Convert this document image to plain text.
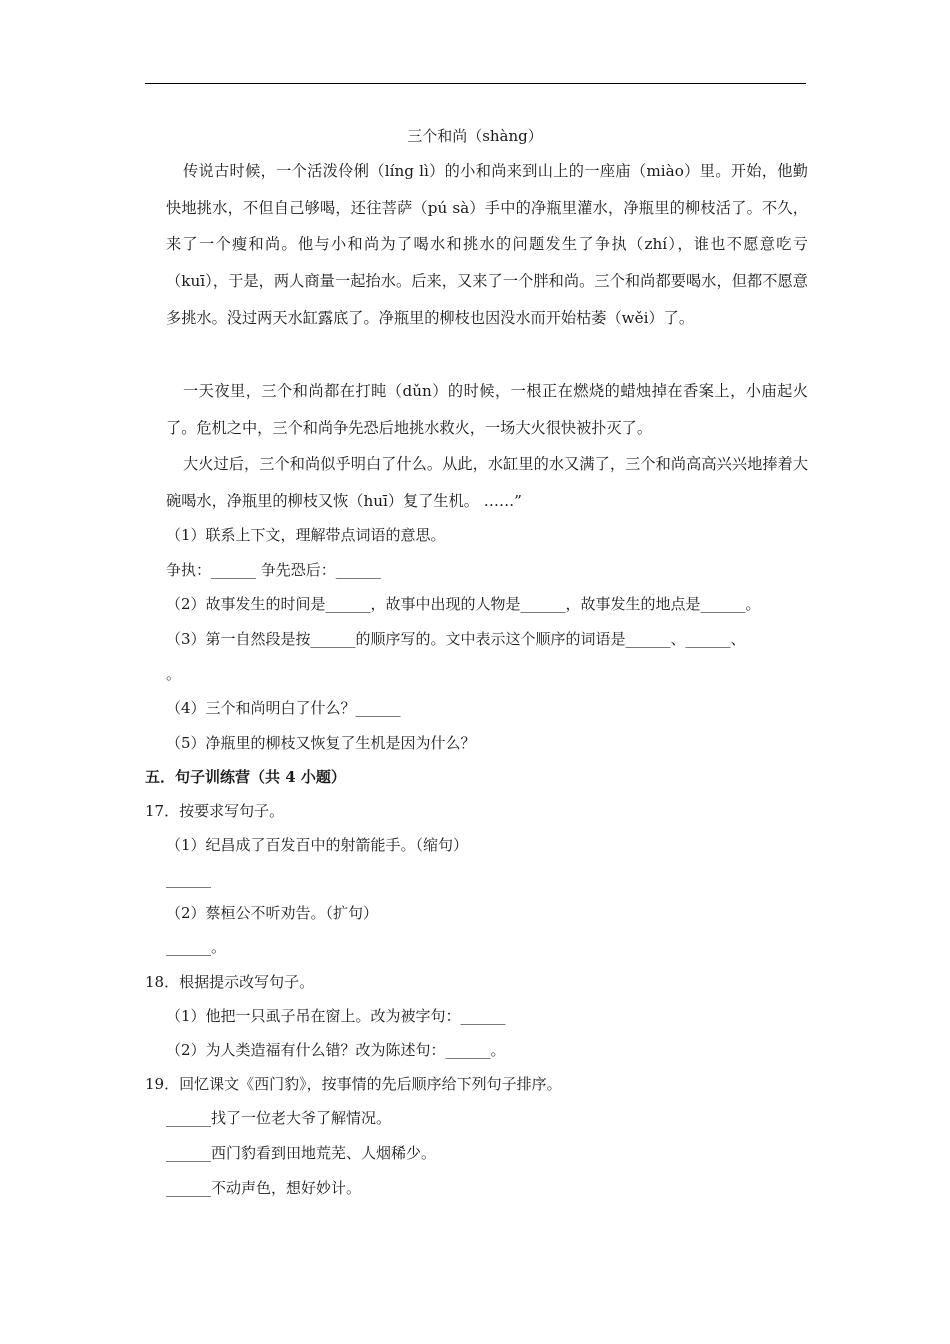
三个和尚（shàng）
传说古时候，一个活泼伶俐（líng lì）的小和尚来到山上的一座庙（miào）里。开始，他勤快地挑水，不但自己够喝，还往菩萨（pú sà）手中的净瓶里灌水，净瓶里的柳枝活了。不久，来了一个瘦和尚。他与小和尚为了喝水和挑水的问题发生了争执（zhí），谁也不愿意吃亏（kuī），于是，两人商量一起抬水。后来，又来了一个胖和尚。三个和尚都要喝水，但都不愿意多挑水。没过两天水缸露底了。净瓶里的柳枝也因没水而开始枯萎（wěi）了。
一天夜里，三个和尚都在打盹（dǔn）的时候，一根正在燃烧的蜡烛掉在香案上，小庙起火了。危机之中，三个和尚争先恐后地挑水救火，一场大火很快被扑灭了。
大火过后，三个和尚似乎明白了什么。从此，水缸里的水又满了，三个和尚高高兴兴地捧着大碗喝水，净瓶里的柳枝又恢（huī）复了生机。 ……”
（1）联系上下文，理解带点词语的意思。
争执：______ 争先恐后：______
（2）故事发生的时间是______，故事中出现的人物是______，故事发生的地点是______。
（3）第一自然段是按______的顺序写的。文中表示这个顺序的词语是______、______、
。
（4）三个和尚明白了什么？______
（5）净瓶里的柳枝又恢复了生机是因为什么？
五．句子训练营（共 4 小题）
17．按要求写句子。
（1）纪昌成了百发百中的射箭能手。（缩句）
______
（2）蔡桓公不听劝告。（扩句）
______。
18．根据提示改写句子。
（1）他把一只虱子吊在窗上。改为被字句：______
（2）为人类造福有什么错？改为陈述句：______。
19．回忆课文《西门豹》，按事情的先后顺序给下列句子排序。
______找了一位老大爷了解情况。
______西门豹看到田地荒芜、人烟稀少。
______不动声色，想好妙计。
